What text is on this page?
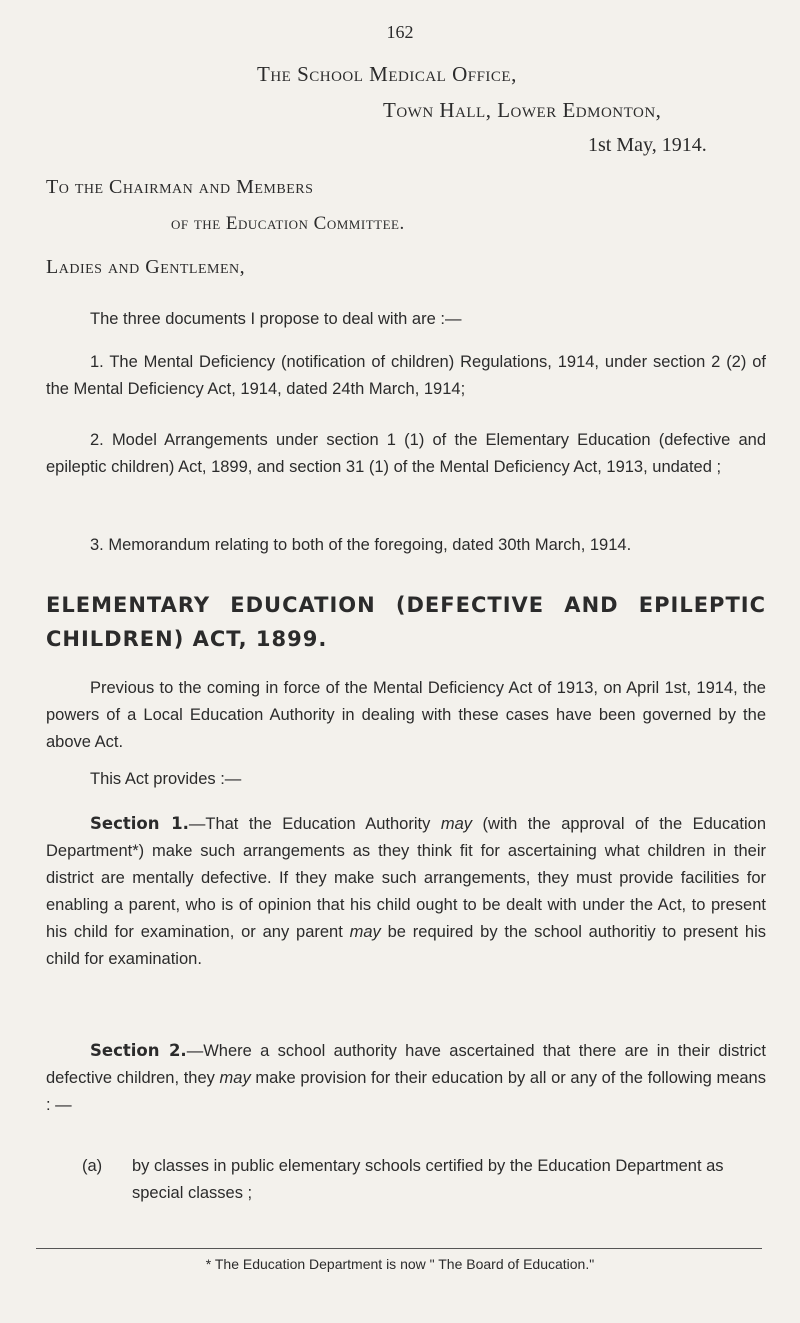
162
The School Medical Office,
Town Hall, Lower Edmonton,
1st May, 1914.
To the Chairman and Members
of the Education Committee.
Ladies and Gentlemen,
The three documents I propose to deal with are :—
1. The Mental Deficiency (notification of children) Regulations, 1914, under section 2 (2) of the Mental Deficiency Act, 1914, dated 24th March, 1914;
2. Model Arrangements under section 1 (1) of the Elementary Education (defective and epileptic children) Act, 1899, and section 31 (1) of the Mental Deficiency Act, 1913, undated ;
3. Memorandum relating to both of the foregoing, dated 30th March, 1914.
ELEMENTARY EDUCATION (DEFECTIVE AND EPILEPTIC CHILDREN) ACT, 1899.
Previous to the coming in force of the Mental Deficiency Act of 1913, on April 1st, 1914, the powers of a Local Education Authority in dealing with these cases have been governed by the above Act.
This Act provides :—
Section 1.—That the Education Authority may (with the approval of the Education Department*) make such arrangements as they think fit for ascertaining what children in their district are mentally defective. If they make such arrangements, they must provide facilities for enabling a parent, who is of opinion that his child ought to be dealt with under the Act, to present his child for examination, or any parent may be required by the school authoritiy to present his child for examination.
Section 2.—Where a school authority have ascertained that there are in their district defective children, they may make provision for their education by all or any of the following means : —
(a)	by classes in public elementary schools certified by the Education Department as special classes ;
* The Education Department is now " The Board of Education."
